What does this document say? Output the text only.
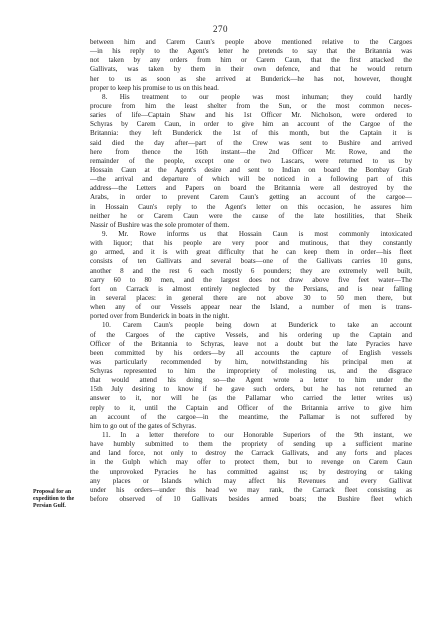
270
Proposal for an
expedition to the
Persian Gulf.
between him and Carem Caun's people above mentioned relative to the Cargoes
—in his reply to the Agent's letter he pretends to say that the Britannia was
not taken by any orders from him or Carem Caun, that the first attacked the
Gallivats, was taken by them in their own defence, and that he would return
her to us as soon as she arrived at Bunderick—he has not, however, thought
proper to keep his promise to us on this head.
8. His treatment to our people was most inhuman; they could hardly
procure from him the least shelter from the Sun, or the most common neces-
saries of life—Captain Shaw and his 1st Officer Mr. Nicholson, were ordered to
Schyras by Carem Caun, in order to give him an account of the Cargoe of the
Britannia: they left Bunderick the 1st of this month, but the Captain it is
said died the day after—part of the Crew was sent to Bushire and arrived
here from thence the 16th instant—the 2nd Officer Mr. Rowe, and the
remainder of the people, except one or two Lascars, were returned to us by
Hossain Caun at the Agent's desire and sent to Indian on board the Bombay Grab
—the arrival and departure of which will be noticed in a following part of this
address—the Letters and Papers on board the Britannia were all destroyed by the
Arabs, in order to prevent Carem Caun's getting an account of the cargoe—
in Hossain Caun's reply to the Agent's letter on this occasion, he assures him
neither he or Carem Caun were the cause of the late hostilities, that Sheik
Nassir of Bushire was the sole promoter of them.
9. Mr. Rowe informs us that Hossain Caun is most commonly intoxicated
with liquor; that his people are very poor and mutinous, that they constantly
go armed, and it is with great difficulty that he can keep them in order—his fleet
consists of ten Gallivats and several boats—one of the Gallivats carries 10 guns,
another 8 and the rest 6 each mostly 6 pounders; they are extremely well built,
carry 60 to 80 men, and the largest does not draw above five feet water—The
fort on Carrack is almost entirely neglected by the Persians, and is near falling
in several places: in general there are not above 30 to 50 men there, but
when any of our Vessels appear near the Island, a number of men is trans-
ported over from Bunderick in boats in the night.
10. Carem Caun's people being down at Bunderick to take an account
of the Cargoes of the captive Vessels, and his ordering up the Captain and
Officer of the Britannia to Schyras, leave not a doubt but the late Pyracies have
been committed by his orders—by all accounts the capture of English vessels
was particularly recommended by him, notwithstanding his principal men at
Schyras represented to him the impropriety of molesting us, and the disgrace
that would attend his doing so—the Agent wrote a letter to him under the
15th July desiring to know if he gave such orders, but he has not returned an
answer to it, nor will he (as the Pallamar who carried the letter writes us)
reply to it, until the Captain and Officer of the Britannia arrive to give him
an account of the cargoe—in the meantime, the Pallamar is not suffered by
him to go out of the gates of Schyras.
11. In a letter therefore to our Honorable Superiors of the 9th instant, we
have humbly submitted to them the propriety of sending up a sufficient marine
and land force, not only to destroy the Carrack Gallivats, and any forts and places
in the Gulph which may offer to protect them, but to revenge on Carem Caun
the unprovoked Pyracies he has committed against us; by destroying or taking
any places or Islands which may affect his Revenues and every Gallivat
under his orders—under this head we may rank, the Carrack fleet consisting as
before observed of 10 Gallivats besides armed boats; the Bushire fleet which
